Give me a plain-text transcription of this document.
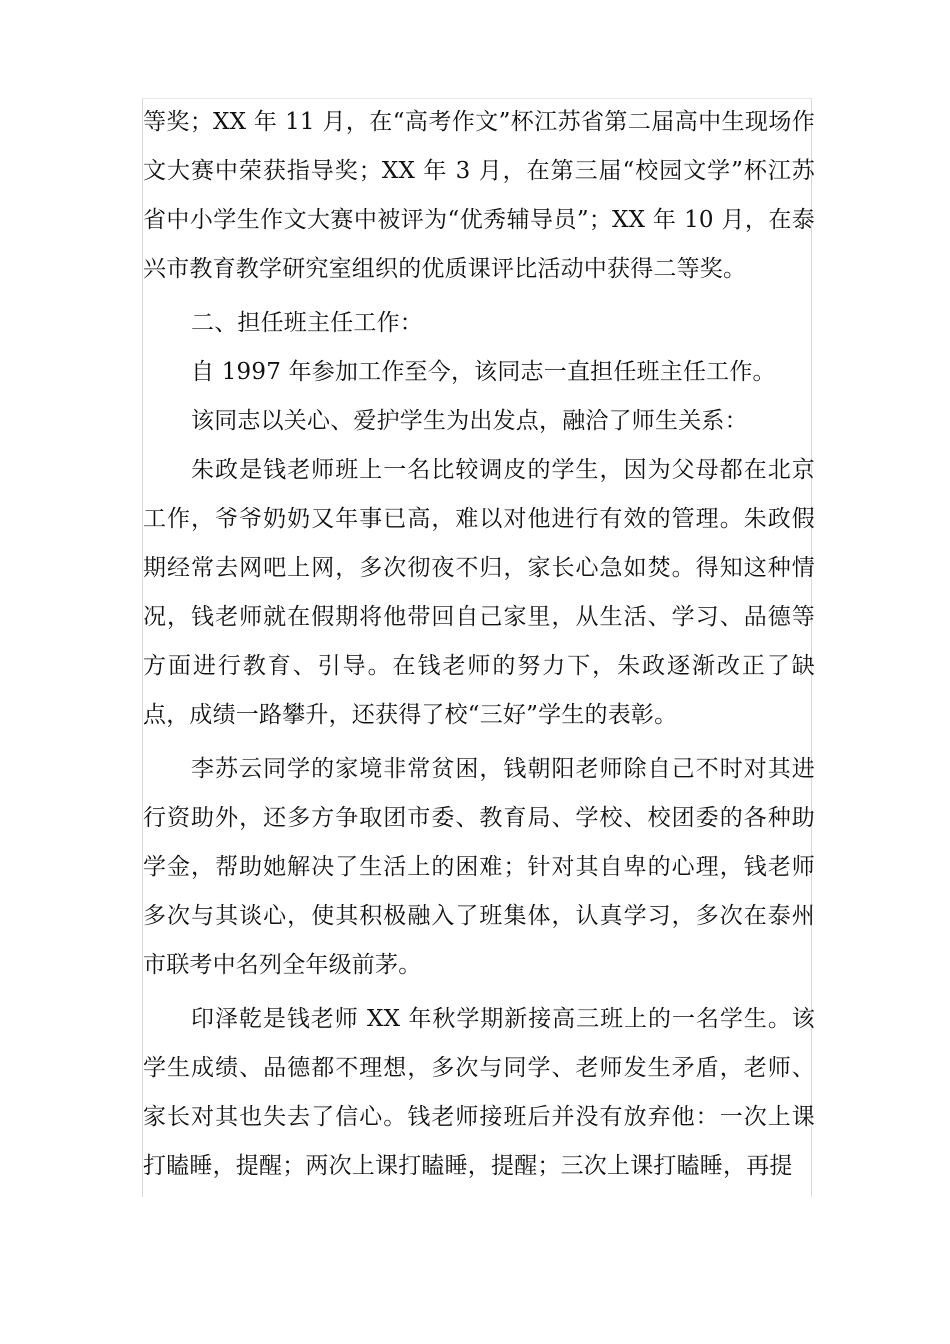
等奖；XX 年 11 月，在“高考作文”杯江苏省第二届高中生现场作文大赛中荣获指导奖；XX 年 3 月，在第三届“校园文学”杯江苏省中小学生作文大赛中被评为“优秀辅导员”；XX 年 10 月，在泰兴市教育教学研究室组织的优质课评比活动中获得二等奖。

二、担任班主任工作：

自 1997 年参加工作至今，该同志一直担任班主任工作。

该同志以关心、爱护学生为出发点，融洽了师生关系：

朱政是钱老师班上一名比较调皮的学生，因为父母都在北京工作，爷爷奶奶又年事已高，难以对他进行有效的管理。朱政假期经常去网吧上网，多次彻夜不归，家长心急如焚。得知这种情况，钱老师就在假期将他带回自己家里，从生活、学习、品德等方面进行教育、引导。在钱老师的努力下，朱政逐渐改正了缺点，成绩一路攀升，还获得了校“三好”学生的表彰。

李苏云同学的家境非常贫困，钱朝阳老师除自己不时对其进行资助外，还多方争取团市委、教育局、学校、校团委的各种助学金，帮助她解决了生活上的困难；针对其自卑的心理，钱老师多次与其谈心，使其积极融入了班集体，认真学习，多次在泰州市联考中名列全年级前茅。

印泽乾是钱老师 XX 年秋学期新接高三班上的一名学生。该学生成绩、品德都不理想，多次与同学、老师发生矛盾，老师、家长对其也失去了信心。钱老师接班后并没有放弃他：一次上课打瞌睡，提醒；两次上课打瞌睡，提醒；三次上课打瞌睡，再提
